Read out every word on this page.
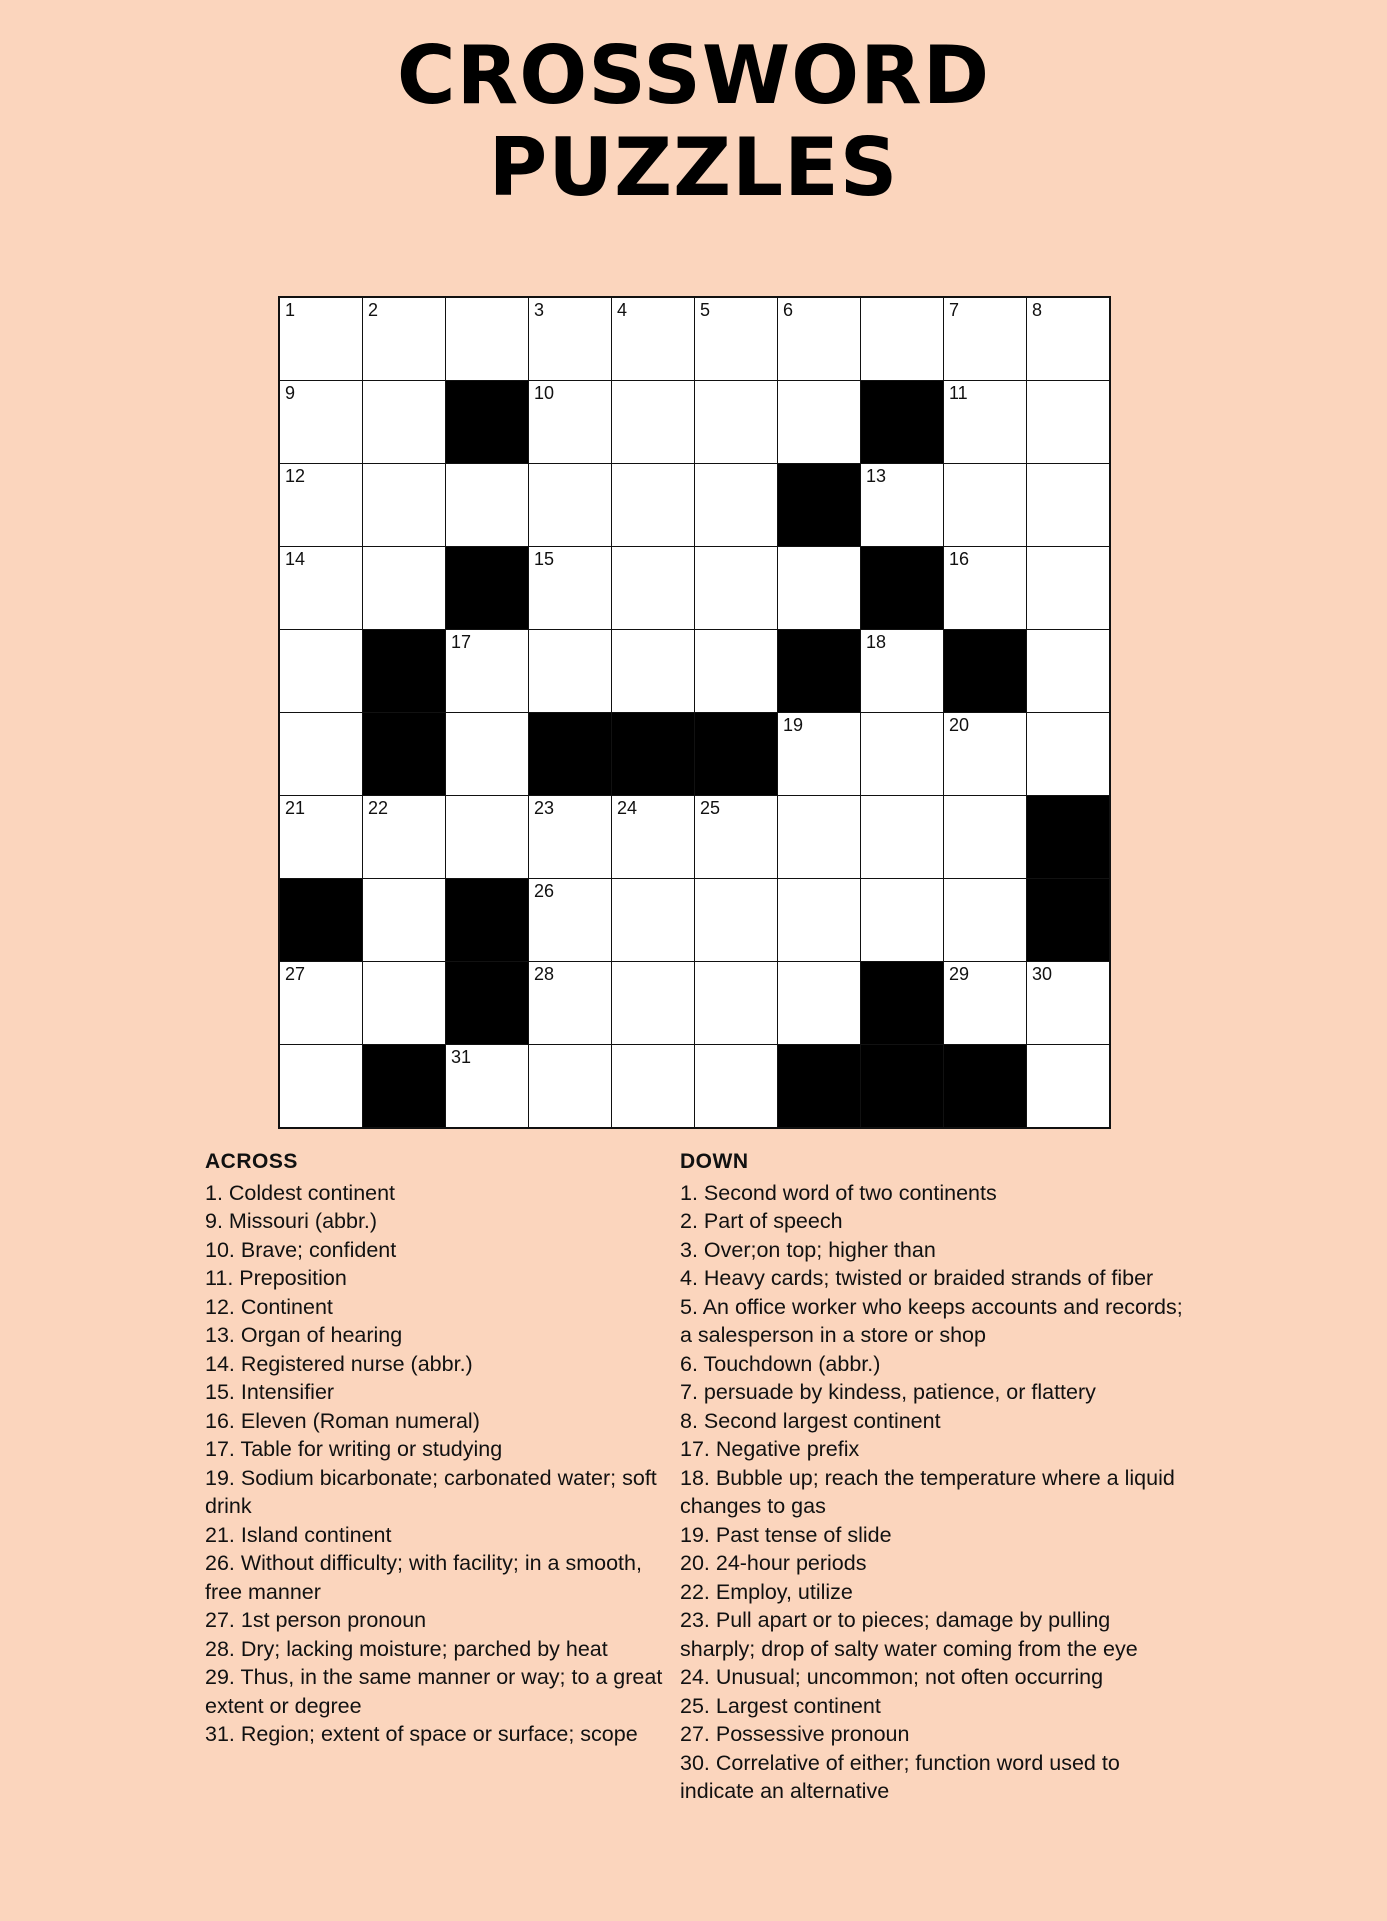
CROSSWORD
PUZZLES
1	2		3	4	5	6		7	8

9			10					11	

12							13		

14			15					16	

		17					18		

						19		20	

21	22		23	24	25				

			26						

27			28					29	30

		31							

ACROSS
1. Coldest continent
9. Missouri (abbr.)
10. Brave; confident
11. Preposition
12. Continent
13. Organ of hearing
14. Registered nurse (abbr.)
15. Intensifier
16. Eleven (Roman numeral)
17. Table for writing or studying
19. Sodium bicarbonate; carbonated water; soft drink
21. Island continent
26. Without difficulty; with facility; in a smooth, free manner
27. 1st person pronoun
28. Dry; lacking moisture; parched by heat
29. Thus, in the same manner or way; to a great extent or degree
31. Region; extent of space or surface; scope
DOWN
1. Second word of two continents
2. Part of speech
3. Over;on top; higher than
4. Heavy cards; twisted or braided strands of fiber
5. An office worker who keeps accounts and records; a salesperson in a store or shop
6. Touchdown (abbr.)
7. persuade by kindess, patience, or flattery
8. Second largest continent
17. Negative prefix
18. Bubble up; reach the temperature where a liquid changes to gas
19. Past tense of slide
20. 24-hour periods
22. Employ, utilize
23. Pull apart or to pieces; damage by pulling sharply; drop of salty water coming from the eye
24. Unusual; uncommon; not often occurring
25. Largest continent
27. Possessive pronoun
30. Correlative of either; function word used to indicate an alternative
